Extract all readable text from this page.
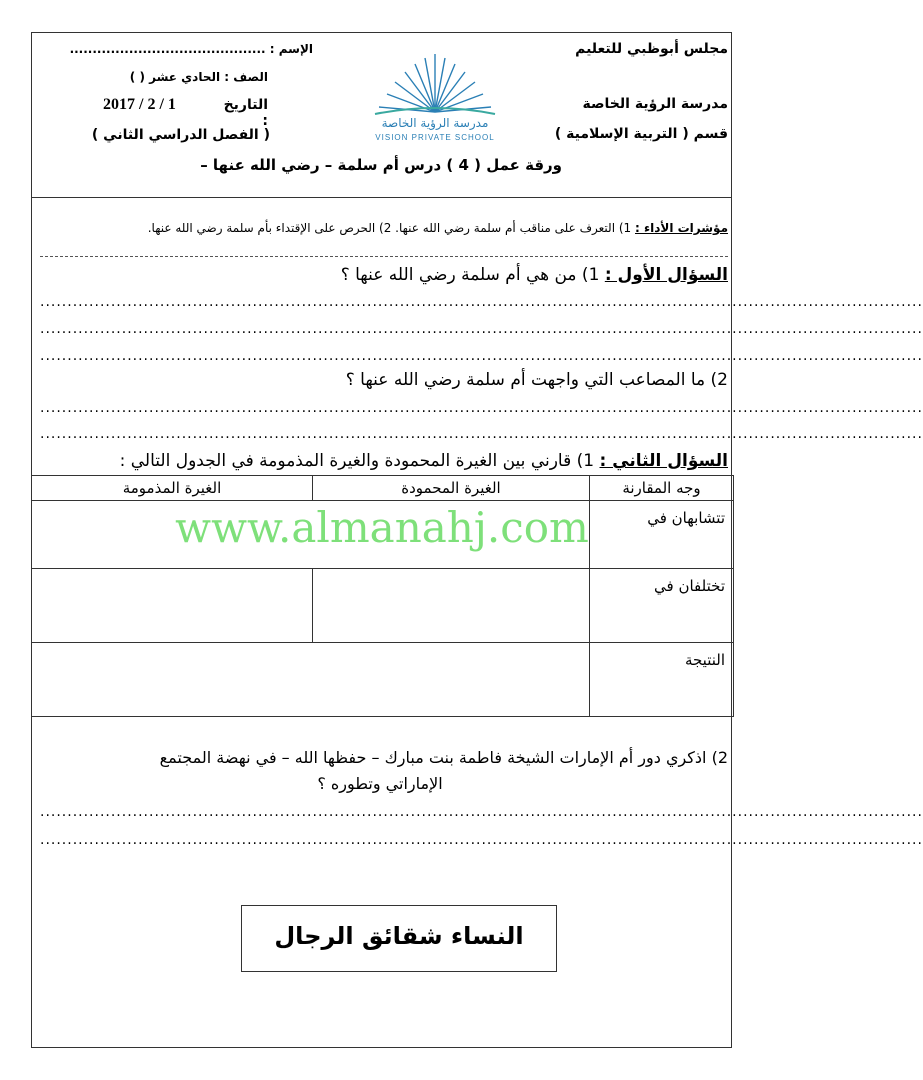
مجلس أبوظبي للتعليم
مدرسة الرؤية الخاصة
قسم ( التربية الإسلامية )
الإسم : ...........................................
الصف : الحادي عشر ( )
التاريخ :
2017 / 2 / 1
( الفصل الدراسي الثاني )
مدرسة الرؤية الخاصة
VISION PRIVATE SCHOOL
ورقة عمل ( 4 ) درس أم سلمة – رضي الله عنها –
مؤشرات الأداء : 1) التعرف على مناقب أم سلمة رضي الله عنها. 2) الحرص على الإقتداء بأم سلمة رضي الله عنها.
السؤال الأول : 1) من هي أم سلمة رضي الله عنها ؟
..................................................................................................................................................................
..................................................................................................................................................................
..................................................................................................................................................................
2) ما المصاعب التي واجهت أم سلمة رضي الله عنها ؟
..................................................................................................................................................................
..................................................................................................................................................................
السؤال الثاني : 1) قارني بين الغيرة المحمودة والغيرة المذمومة في الجدول التالي :
وجه المقارنة	الغيرة المحمودة	الغيرة المذمومة
تتشابهان في		
تختلفان في		
النتيجة		
www.almanahj.com
2) اذكري دور أم الإمارات الشيخة فاطمة بنت مبارك – حفظها الله – في نهضة المجتمع
الإماراتي وتطوره ؟
..................................................................................................................................................................
..................................................................................................................................................................
النساء شقائق الرجال
